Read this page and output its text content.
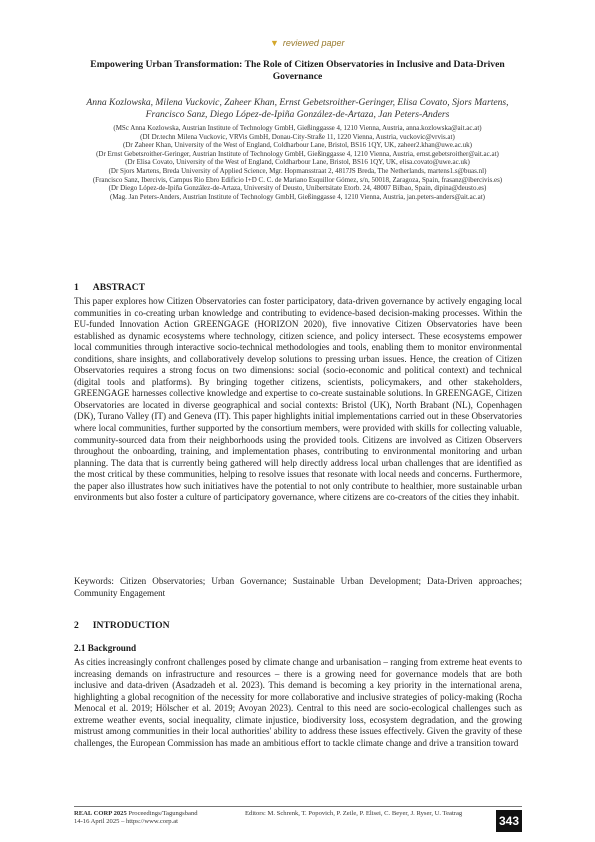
▼ reviewed paper
Empowering Urban Transformation: The Role of Citizen Observatories in Inclusive and Data-Driven Governance
Anna Kozlowska, Milena Vuckovic, Zaheer Khan, Ernst Gebetsroither-Geringer, Elisa Covato, Sjors Martens, Francisco Sanz, Diego López-de-Ipiña González-de-Artaza, Jan Peters-Anders
(MSc Anna Kozlowska, Austrian Institute of Technology GmbH, Gießinggasse 4, 1210 Vienna, Austria, anna.kozlowska@ait.ac.at)
(DI Dr.techn Milena Vuckovic, VRVis GmbH, Donau-City-Straße 11, 1220 Vienna, Austria, vuckovic@vrvis.at)
(Dr Zaheer Khan, University of the West of England, Coldharbour Lane, Bristol, BS16 1QY, UK, zaheer2.khan@uwe.ac.uk)
(Dr Ernst Gebetsroither-Geringer, Austrian Institute of Technology GmbH, Gießinggasse 4, 1210 Vienna, Austria, ernst.gebetsroither@ait.ac.at)
(Dr Elisa Covato, University of the West of England, Coldharbour Lane, Bristol, BS16 1QY, UK, elisa.covato@uwe.ac.uk)
(Dr Sjors Martens, Breda University of Applied Science, Mgr. Hopmansstraat 2, 4817JS Breda, The Netherlands, martens1.s@buas.nl)
(Francisco Sanz, Ibercivis, Campus Rio Ebro Edificio I+D C. C. de Mariano Esquillor Gómez, s/n, 50018, Zaragoza, Spain, frasanz@ibercivis.es)
(Dr Diego López-de-Ipiña González-de-Artaza, University of Deusto, Unibertsitate Etorb. 24, 48007 Bilbao, Spain, dipina@deusto.es)
(Mag. Jan Peters-Anders, Austrian Institute of Technology GmbH, Gießinggasse 4, 1210 Vienna, Austria, jan.peters-anders@ait.ac.at)
1 ABSTRACT
This paper explores how Citizen Observatories can foster participatory, data-driven governance by actively engaging local communities in co-creating urban knowledge and contributing to evidence-based decision-making processes. Within the EU-funded Innovation Action GREENGAGE (HORIZON 2020), five innovative Citizen Observatories have been established as dynamic ecosystems where technology, citizen science, and policy intersect. These ecosystems empower local communities through interactive socio-technical methodologies and tools, enabling them to monitor environmental conditions, share insights, and collaboratively develop solutions to pressing urban issues. Hence, the creation of Citizen Observatories requires a strong focus on two dimensions: social (socio-economic and political context) and technical (digital tools and platforms). By bringing together citizens, scientists, policymakers, and other stakeholders, GREENGAGE harnesses collective knowledge and expertise to co-create sustainable solutions. In GREENGAGE, Citizen Observatories are located in diverse geographical and social contexts: Bristol (UK), North Brabant (NL), Copenhagen (DK), Turano Valley (IT) and Geneva (IT). This paper highlights initial implementations carried out in these Observatories where local communities, further supported by the consortium members, were provided with skills for collecting valuable, community-sourced data from their neighborhoods using the provided tools. Citizens are involved as Citizen Observers throughout the onboarding, training, and implementation phases, contributing to environmental monitoring and urban planning. The data that is currently being gathered will help directly address local urban challenges that are identified as the most critical by these communities, helping to resolve issues that resonate with local needs and concerns. Furthermore, the paper also illustrates how such initiatives have the potential to not only contribute to healthier, more sustainable urban environments but also foster a culture of participatory governance, where citizens are co-creators of the cities they inhabit.
Keywords: Citizen Observatories; Urban Governance; Sustainable Urban Development; Data-Driven approaches; Community Engagement
2 INTRODUCTION
2.1 Background
As cities increasingly confront challenges posed by climate change and urbanisation – ranging from extreme heat events to increasing demands on infrastructure and resources – there is a growing need for governance models that are both inclusive and data-driven (Asadzadeh et al. 2023). This demand is becoming a key priority in the international arena, highlighting a global recognition of the necessity for more collaborative and inclusive strategies of policy-making (Rocha Menocal et al. 2019; Hölscher et al. 2019; Avoyan 2023). Central to this need are socio-ecological challenges such as extreme weather events, social inequality, climate injustice, biodiversity loss, ecosystem degradation, and the growing mistrust among communities in their local authorities' ability to address these issues effectively. Given the gravity of these challenges, the European Commission has made an ambitious effort to tackle climate change and drive a transition toward
REAL CORP 2025 Proceedings/Tagungsband
14-16 April 2025 – https://www.corp.at
Editors: M. Schrenk, T. Popovich, P. Zeile, P. Elisei, C. Beyer, J. Ryser, U. Teatrag
343
